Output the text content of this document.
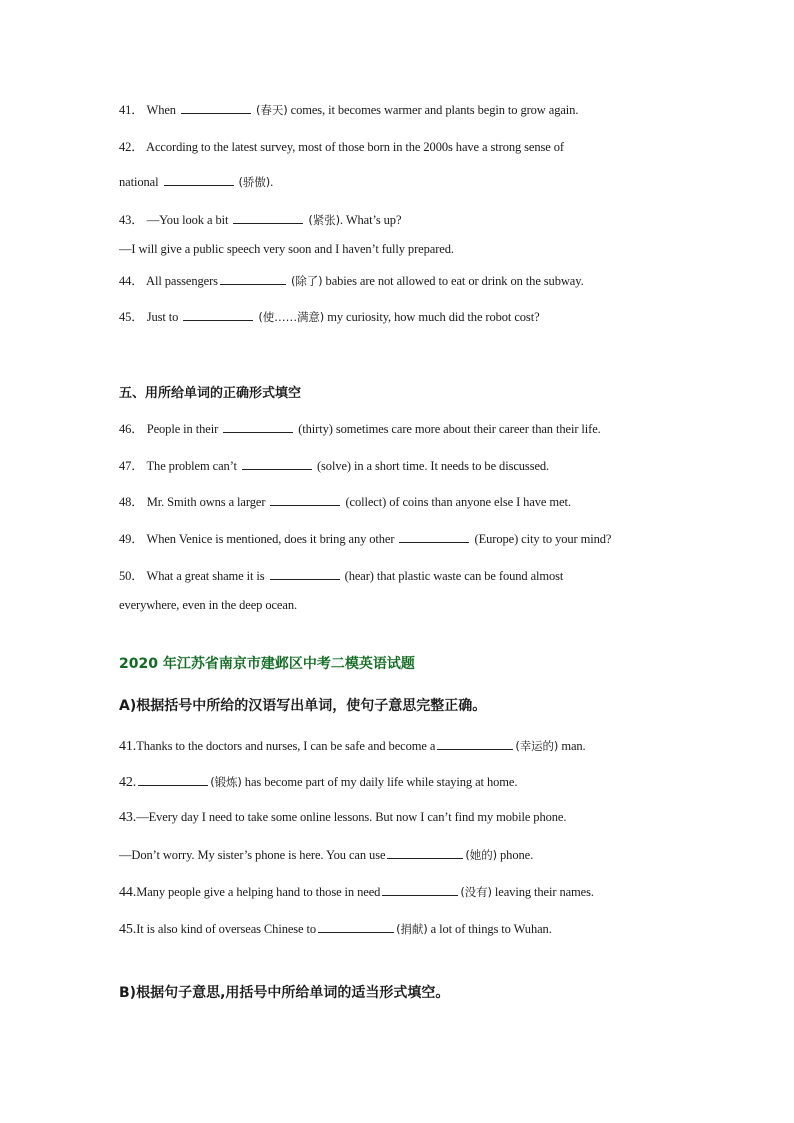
41． When	(春天) comes, it becomes warmer and plants begin to grow again.
42． According to the latest survey, most of those born in the 2000s have a strong sense of
national	(骄傲).
43． —You look a bit	(紧张). What’s up?
—I will give a public speech very soon and I haven’t fully prepared.
44． All passengers	(除了) babies are not allowed to eat or drink on the subway.
45． Just to	(使……满意) my curiosity, how much did the robot cost?
五、用所给单词的正确形式填空
46． People in their	(thirty) sometimes care more about their career than their life.
47． The problem can’t	(solve) in a short time. It needs to be discussed.
48． Mr. Smith owns a larger	(collect) of coins than anyone else I have met.
49． When Venice is mentioned, does it bring any other	(Europe) city to your mind?
50． What a great shame it is	(hear) that plastic waste can be found almost
everywhere, even in the deep ocean.
2020 年江苏省南京市建邺区中考二模英语试题
A)根据括号中所给的汉语写出单词，使句子意思完整正确。
41.Thanks to the doctors and nurses, I can be safe and become a	(幸运的) man.
42.	(锻炼) has become part of my daily life while staying at home.
43.—Every day I need to take some online lessons. But now I can’t find my mobile phone.
—Don’t worry. My sister’s phone is here. You can use	(她的) phone.
44.Many people give a helping hand to those in need	(没有) leaving their names.
45.It is also kind of overseas Chinese to	(捐献) a lot of things to Wuhan.
B)根据句子意思,用括号中所给单词的适当形式填空。
